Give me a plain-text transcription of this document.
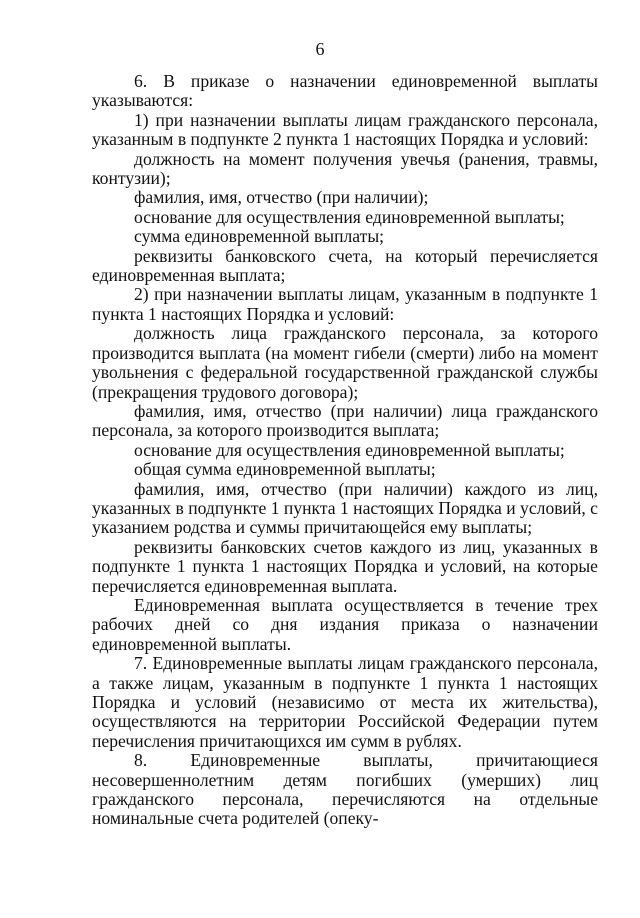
6

6. В приказе о назначении единовременной выплаты указываются:

1) при назначении выплаты лицам гражданского персонала, указанным в подпункте 2 пункта 1 настоящих Порядка и условий:

должность на момент получения увечья (ранения, травмы, контузии);

фамилия, имя, отчество (при наличии);

основание для осуществления единовременной выплаты;

сумма единовременной выплаты;

реквизиты банковского счета, на который перечисляется единовременная выплата;

2) при назначении выплаты лицам, указанным в подпункте 1 пункта 1 настоящих Порядка и условий:

должность лица гражданского персонала, за которого производится выплата (на момент гибели (смерти) либо на момент увольнения с федеральной государственной гражданской службы (прекращения трудового договора);

фамилия, имя, отчество (при наличии) лица гражданского персонала, за которого производится выплата;

основание для осуществления единовременной выплаты;

общая сумма единовременной выплаты;

фамилия, имя, отчество (при наличии) каждого из лиц, указанных в подпункте 1 пункта 1 настоящих Порядка и условий, с указанием родства и суммы причитающейся ему выплаты;

реквизиты банковских счетов каждого из лиц, указанных в подпункте 1 пункта 1 настоящих Порядка и условий, на которые перечисляется единовременная выплата.

Единовременная выплата осуществляется в течение трех рабочих дней со дня издания приказа о назначении единовременной выплаты.

7. Единовременные выплаты лицам гражданского персонала, а также лицам, указанным в подпункте 1 пункта 1 настоящих Порядка и условий (независимо от места их жительства), осуществляются на территории Российской Федерации путем перечисления причитающихся им сумм в рублях.

8. Единовременные выплаты, причитающиеся несовершеннолетним детям погибших (умерших) лиц гражданского персонала, перечисляются на отдельные номинальные счета родителей (опеку-
